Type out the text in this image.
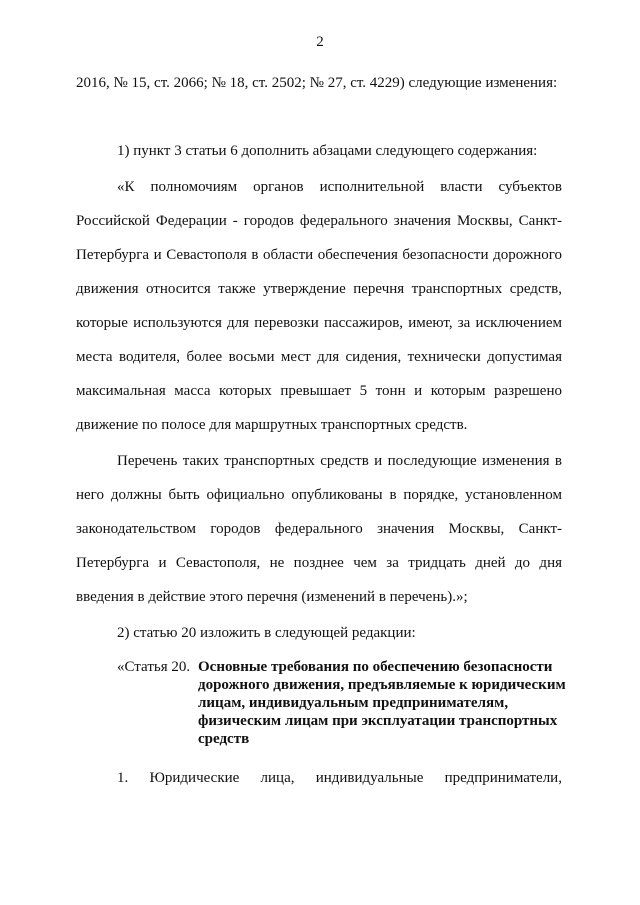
2

2016, № 15, ст. 2066; № 18, ст. 2502; № 27, ст. 4229) следующие изменения:

1) пункт 3 статьи 6 дополнить абзацами следующего содержания:

«К полномочиям органов исполнительной власти субъектов Российской Федерации - городов федерального значения Москвы, Санкт-Петербурга и Севастополя в области обеспечения безопасности дорожного движения относится также утверждение перечня транспортных средств, которые используются для перевозки пассажиров, имеют, за исключением места водителя, более восьми мест для сидения, технически допустимая максимальная масса которых превышает 5 тонн и которым разрешено движение по полосе для маршрутных транспортных средств.

Перечень таких транспортных средств и последующие изменения в него должны быть официально опубликованы в порядке, установленном законодательством городов федерального значения Москвы, Санкт-Петербурга и Севастополя, не позднее чем за тридцать дней до дня введения в действие этого перечня (изменений в перечень).»;

2) статью 20 изложить в следующей редакции:

«Статья 20. Основные требования по обеспечению безопасности дорожного движения, предъявляемые к юридическим лицам, индивидуальным предпринимателям, физическим лицам при эксплуатации транспортных средств

1. Юридические лица, индивидуальные предприниматели,
